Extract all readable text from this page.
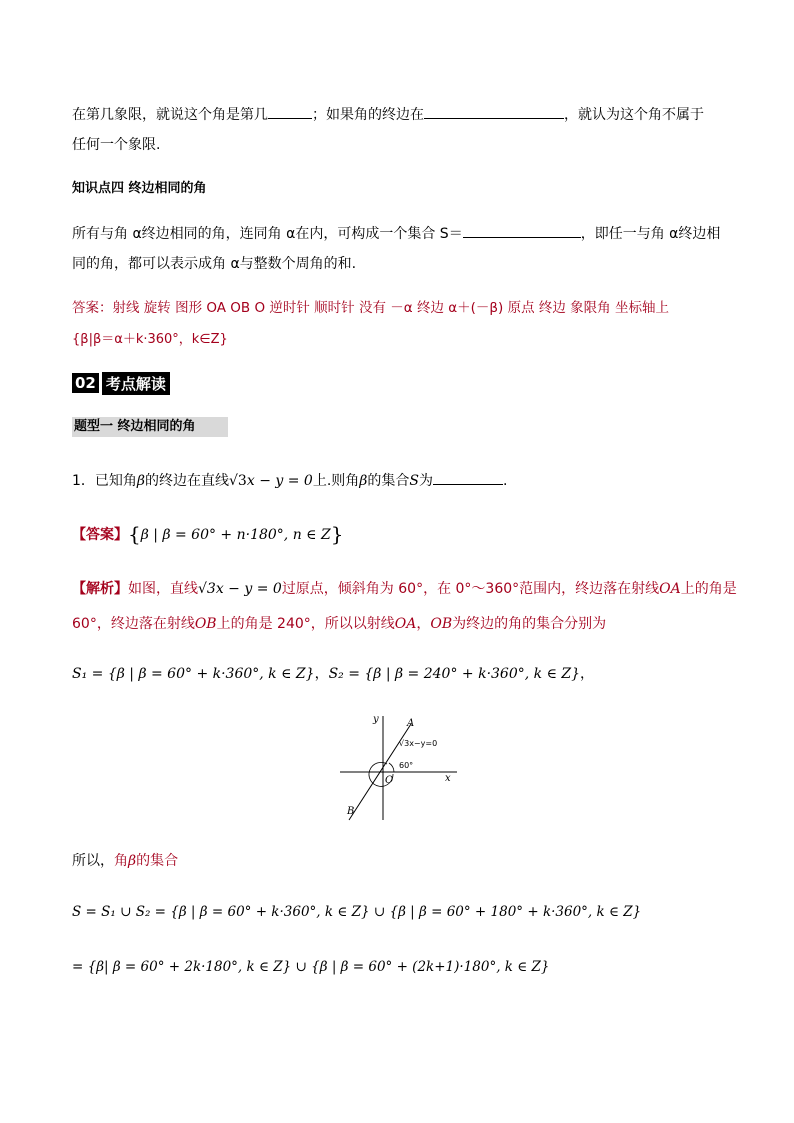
在第几象限，就说这个角是第几	；如果角的终边在	，就认为这个角不属于
任何一个象限.
知识点四 终边相同的角
所有与角 α终边相同的角，连同角 α在内，可构成一个集合 S＝	，即任一与角 α终边相
同的角，都可以表示成角 α与整数个周角的和.
答案：射线 旋转 图形 OA OB O 逆时针 顺时针 没有 －α 终边 α＋(－β) 原点 终边 象限角 坐标轴上
{β|β＝α＋k·360°，k∈Z}
02 考点解读
题型一 终边相同的角
1．已知角β的终边在直线√3x − y = 0上.则角β的集合S为	.
【答案】{β | β = 60° + n·180°, n ∈ Z}
【解析】如图，直线√3x − y = 0过原点，倾斜角为 60°，在 0°～360°范围内，终边落在射线OA上的角是
60°，终边落在射线OB上的角是 240°，所以以射线OA，OB为终边的角的集合分别为
S₁ = {β | β = 60° + k·360°, k ∈ Z}，S₂ = {β | β = 240° + k·360°, k ∈ Z}，
y
x
A
B
O
√3x−y=0
60°
所以，角β的集合
S = S₁ ∪ S₂ = {β | β = 60° + k·360°, k ∈ Z} ∪ {β | β = 60° + 180° + k·360°, k ∈ Z}
= {β| β = 60° + 2k·180°, k ∈ Z} ∪ {β | β = 60° + (2k+1)·180°, k ∈ Z}
